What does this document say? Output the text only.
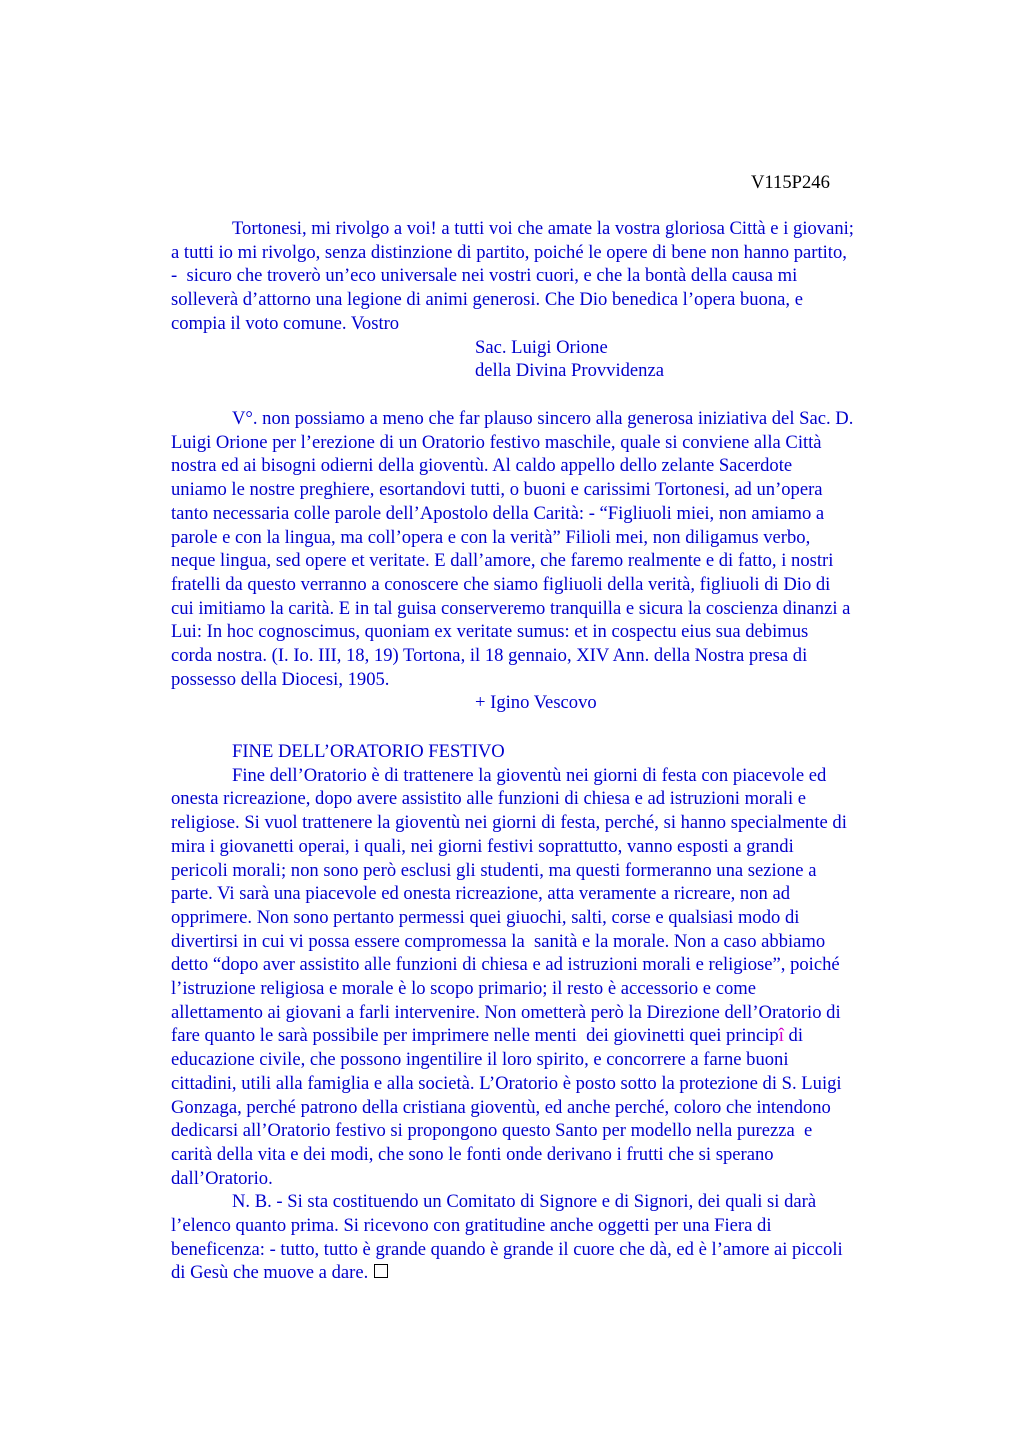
V115P246
Tortonesi, mi rivolgo a voi! a tutti voi che amate la vostra gloriosa Città e i giovani;
a tutti io mi rivolgo, senza distinzione di partito, poiché le opere di bene non hanno partito,
-  sicuro che troverò un’eco universale nei vostri cuori, e che la bontà della causa mi
solleverà d’attorno una legione di animi generosi. Che Dio benedica l’opera buona, e
compia il voto comune. Vostro
Sac. Luigi Orione
della Divina Provvidenza
V°. non possiamo a meno che far plauso sincero alla generosa iniziativa del Sac. D.
Luigi Orione per l’erezione di un Oratorio festivo maschile, quale si conviene alla Città
nostra ed ai bisogni odierni della gioventù. Al caldo appello dello zelante Sacerdote
uniamo le nostre preghiere, esortandovi tutti, o buoni e carissimi Tortonesi, ad un’opera
tanto necessaria colle parole dell’Apostolo della Carità: - “Figliuoli miei, non amiamo a
parole e con la lingua, ma coll’opera e con la verità” Filioli mei, non diligamus verbo,
neque lingua, sed opere et veritate. E dall’amore, che faremo realmente e di fatto, i nostri
fratelli da questo verranno a conoscere che siamo figliuoli della verità, figliuoli di Dio di
cui imitiamo la carità. E in tal guisa conserveremo tranquilla e sicura la coscienza dinanzi a
Lui: In hoc cognoscimus, quoniam ex veritate sumus: et in cospectu eius sua debimus
corda nostra. (I. Io. III, 18, 19) Tortona, il 18 gennaio, XIV Ann. della Nostra presa di
possesso della Diocesi, 1905.
+ Igino Vescovo
FINE DELL’ORATORIO FESTIVO
Fine dell’Oratorio è di trattenere la gioventù nei giorni di festa con piacevole ed
onesta ricreazione, dopo avere assistito alle funzioni di chiesa e ad istruzioni morali e
religiose. Si vuol trattenere la gioventù nei giorni di festa, perché, si hanno specialmente di
mira i giovanetti operai, i quali, nei giorni festivi soprattutto, vanno esposti a grandi
pericoli morali; non sono però esclusi gli studenti, ma questi formeranno una sezione a
parte. Vi sarà una piacevole ed onesta ricreazione, atta veramente a ricreare, non ad
opprimere. Non sono pertanto permessi quei giuochi, salti, corse e qualsiasi modo di
divertirsi in cui vi possa essere compromessa la  sanità e la morale. Non a caso abbiamo
detto “dopo aver assistito alle funzioni di chiesa e ad istruzioni morali e religiose”, poiché
l’istruzione religiosa e morale è lo scopo primario; il resto è accessorio e come
allettamento ai giovani a farli intervenire. Non ometterà però la Direzione dell’Oratorio di
fare quanto le sarà possibile per imprimere nelle menti  dei giovinetti quei principî di
educazione civile, che possono ingentilire il loro spirito, e concorrere a farne buoni
cittadini, utili alla famiglia e alla società. L’Oratorio è posto sotto la protezione di S. Luigi
Gonzaga, perché patrono della cristiana gioventù, ed anche perché, coloro che intendono
dedicarsi all’Oratorio festivo si propongono questo Santo per modello nella purezza  e
carità della vita e dei modi, che sono le fonti onde derivano i frutti che si sperano
dall’Oratorio.
N. B. - Si sta costituendo un Comitato di Signore e di Signori, dei quali si darà
l’elenco quanto prima. Si ricevono con gratitudine anche oggetti per una Fiera di
beneficenza: - tutto, tutto è grande quando è grande il cuore che dà, ed è l’amore ai piccoli
di Gesù che muove a dare.
